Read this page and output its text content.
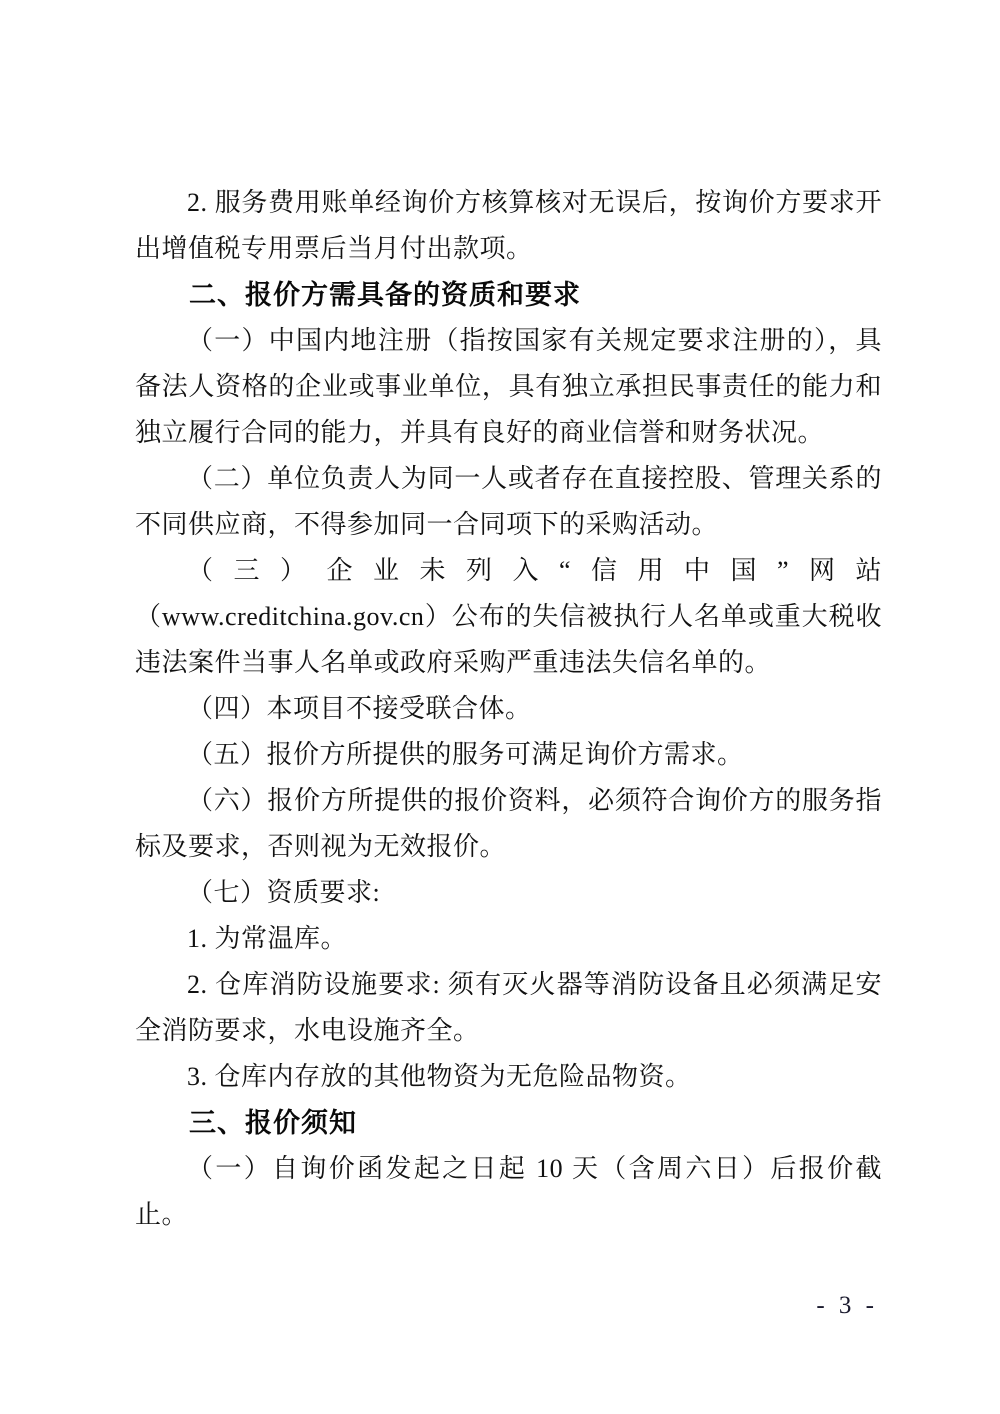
2. 服务费用账单经询价方核算核对无误后，按询价方要求开出增值税专用票后当月付出款项。

二、报价方需具备的资质和要求

（一）中国内地注册（指按国家有关规定要求注册的），具备法人资格的企业或事业单位，具有独立承担民事责任的能力和独立履行合同的能力，并具有良好的商业信誉和财务状况。

（二）单位负责人为同一人或者存在直接控股、管理关系的不同供应商，不得参加同一合同项下的采购活动。

（三）企业未列入“信用中国”网站（www.creditchina.gov.cn）公布的失信被执行人名单或重大税收违法案件当事人名单或政府采购严重违法失信名单的。

（四）本项目不接受联合体。

（五）报价方所提供的服务可满足询价方需求。

（六）报价方所提供的报价资料，必须符合询价方的服务指标及要求，否则视为无效报价。

（七）资质要求:

1. 为常温库。

2. 仓库消防设施要求: 须有灭火器等消防设备且必须满足安全消防要求，水电设施齐全。

3. 仓库内存放的其他物资为无危险品物资。

三、报价须知

（一）自询价函发起之日起 10 天（含周六日）后报价截止。

- 3 -
